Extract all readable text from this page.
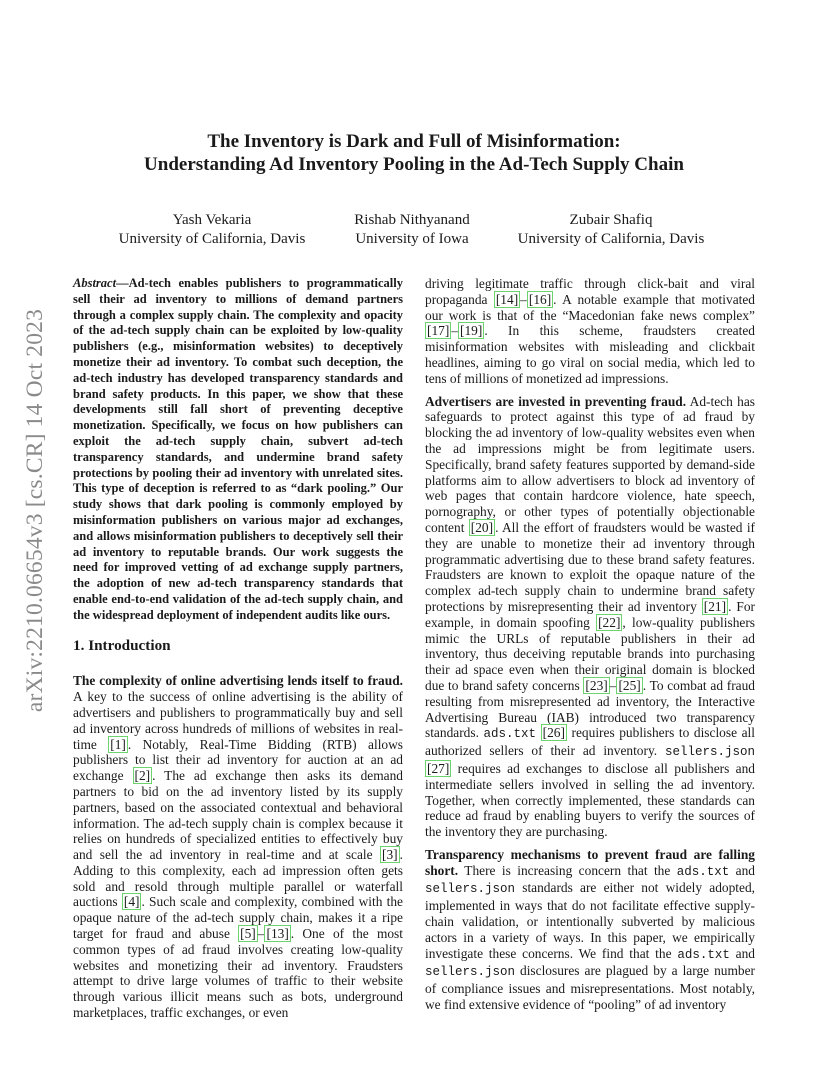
arXiv:2210.06654v3 [cs.CR] 14 Oct 2023
The Inventory is Dark and Full of Misinformation:
Understanding Ad Inventory Pooling in the Ad-Tech Supply Chain
Yash Vekaria
University of California, Davis
Rishab Nithyanand
University of Iowa
Zubair Shafiq
University of California, Davis

Abstract—Ad-tech enables publishers to programmatically sell their ad inventory to millions of demand partners through a complex supply chain. The complexity and opacity of the ad-tech supply chain can be exploited by low-quality publishers (e.g., misinformation websites) to deceptively monetize their ad inventory. To combat such deception, the ad-tech industry has developed transparency standards and brand safety products. In this paper, we show that these developments still fall short of preventing deceptive monetization. Specifically, we focus on how publishers can exploit the ad-tech supply chain, subvert ad-tech transparency standards, and undermine brand safety protections by pooling their ad inventory with unrelated sites. This type of deception is referred to as “dark pooling.” Our study shows that dark pooling is commonly employed by misinformation publishers on various major ad exchanges, and allows misinformation publishers to deceptively sell their ad inventory to reputable brands. Our work suggests the need for improved vetting of ad exchange supply partners, the adoption of new ad-tech transparency standards that enable end-to-end validation of the ad-tech supply chain, and the widespread deployment of independent audits like ours.

1. Introduction

The complexity of online advertising lends itself to fraud. A key to the success of online advertising is the ability of advertisers and publishers to programmatically buy and sell ad inventory across hundreds of millions of websites in real-time [1] . Notably, Real-Time Bidding (RTB) allows publishers to list their ad inventory for auction at an ad exchange [2] . The ad exchange then asks its demand partners to bid on the ad inventory listed by its supply partners, based on the associated contextual and behavioral information. The ad-tech supply chain is complex because it relies on hundreds of specialized entities to effectively buy and sell the ad inventory in real-time and at scale [3] . Adding to this complexity, each ad impression often gets sold and resold through multiple parallel or waterfall auctions [4] . Such scale and complexity, combined with the opaque nature of the ad-tech supply chain, makes it a ripe target for fraud and abuse [5] – [13] . One of the most common types of ad fraud involves creating low-quality websites and monetizing their ad inventory. Fraudsters attempt to drive large volumes of traffic to their website through various illicit means such as bots, underground marketplaces, traffic exchanges, or even

driving legitimate traffic through click-bait and viral propaganda [14] – [16] . A notable example that motivated our work is that of the “Macedonian fake news complex” [17] – [19] . In this scheme, fraudsters created misinformation websites with misleading and clickbait headlines, aiming to go viral on social media, which led to tens of millions of monetized ad impressions.

Advertisers are invested in preventing fraud. Ad-tech has safeguards to protect against this type of ad fraud by blocking the ad inventory of low-quality websites even when the ad impressions might be from legitimate users. Specifically, brand safety features supported by demand-side platforms aim to allow advertisers to block ad inventory of web pages that contain hardcore violence, hate speech, pornography, or other types of potentially objectionable content [20] . All the effort of fraudsters would be wasted if they are unable to monetize their ad inventory through programmatic advertising due to these brand safety features. Fraudsters are known to exploit the opaque nature of the complex ad-tech supply chain to undermine brand safety protections by misrepresenting their ad inventory [21] . For example, in domain spoofing [22] , low-quality publishers mimic the URLs of reputable publishers in their ad inventory, thus deceiving reputable brands into purchasing their ad space even when their original domain is blocked due to brand safety concerns [23] – [25] . To combat ad fraud resulting from misrepresented ad inventory, the Interactive Advertising Bureau (IAB) introduced two transparency standards. ads.txt [26] requires publishers to disclose all authorized sellers of their ad inventory. sellers.json [27] requires ad exchanges to disclose all publishers and intermediate sellers involved in selling the ad inventory. Together, when correctly implemented, these standards can reduce ad fraud by enabling buyers to verify the sources of the inventory they are purchasing.

Transparency mechanisms to prevent fraud are falling short. There is increasing concern that the ads.txt and sellers.json standards are either not widely adopted, implemented in ways that do not facilitate effective supply-chain validation, or intentionally subverted by malicious actors in a variety of ways. In this paper, we empirically investigate these concerns. We find that the ads.txt and sellers.json disclosures are plagued by a large number of compliance issues and misrepresentations. Most notably, we find extensive evidence of “pooling” of ad inventory
